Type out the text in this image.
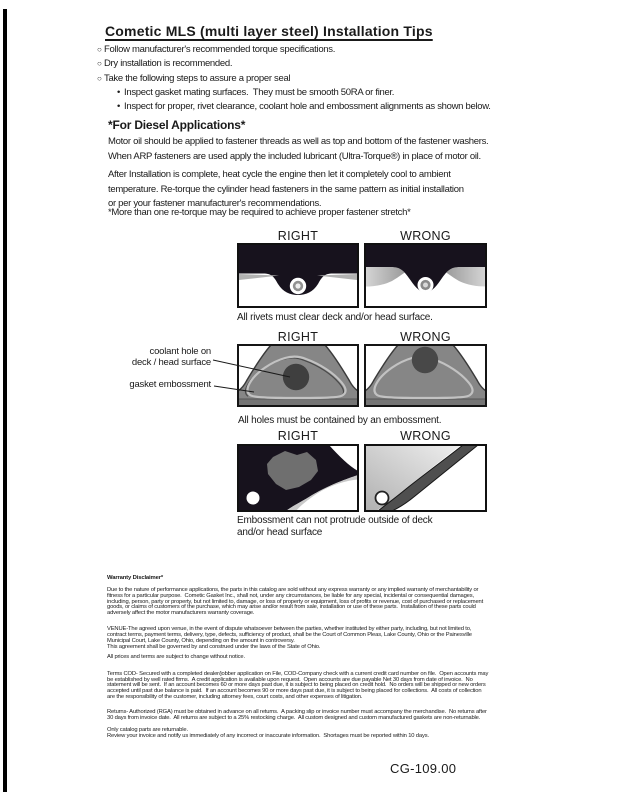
Cometic MLS (multi layer steel) Installation Tips
○ Follow manufacturer's recommended torque specifications.
○ Dry installation is recommended.
○ Take the following steps to assure a proper seal
• Inspect gasket mating surfaces.  They must be smooth 50RA or finer.
• Inspect for proper, rivet clearance, coolant hole and embossment alignments as shown below.
*For Diesel Applications*
Motor oil should be applied to fastener threads as well as top and bottom of the fastener washers.
When ARP fasteners are used apply the included lubricant (Ultra-Torque®) in place of motor oil.
After Installation is complete, heat cycle the engine then let it completely cool to ambient
temperature. Re-torque the cylinder head fasteners in the same pattern as initial installation
or per your fastener manufacturer's recommendations.
*More than one re-torque may be required to achieve proper fastener stretch*
RIGHT	WRONG
All rivets must clear deck and/or head surface.
RIGHT	WRONG
coolant hole on
deck / head surface
gasket embossment
All holes must be contained by an embossment.
RIGHT	WRONG
Embossment can not protrude outside of deck
and/or head surface
Warranty Disclaimer*
Due to the nature of performance applications, the parts in this catalog are sold without any express warranty or any implied warranty of merchantability or
fitness for a particular purpose.  Cometic Gasket Inc., shall not, under any circumstances, be liable for any special, incidental or consequential damages,
including, person, party or property, but not limited to, damage, or loss of property or equipment, loss of profits or revenue, cost of purchased or replacement
goods, or claims of customers of the purchase, which may arise and/or result from sale, installation or use of these parts.  Installation of these parts could
adversely affect the motor manufacturers warranty coverage.
VENUE-The agreed upon venue, in the event of dispute whatsoever between the parties, whether instituted by either party, including, but not limited to,
contract terms, payment terms, delivery, type, defects, sufficiency of product, shall be the Court of Common Pleas, Lake County, Ohio or the Painesville
Municipal Court, Lake County, Ohio, depending on the amount in controversy.
This agreement shall be governed by and construed under the laws of the State of Ohio.
All prices and terms are subject to change without notice.
Terms COD- Secured with a completed dealer/jobber application on File, COD-Company check with a current credit card number on file.  Open accounts may
be established by well rated firms.  A credit application is available upon request.  Open accounts are due payable Net 30 days from date of invoice.  No
statement will be sent.  If an account becomes 60 or more days past due, it is subject to being placed on credit hold.  No orders will be shipped or new orders
accepted until past due balance is paid.  If an account becomes 90 or more days past due, it is subject to being placed for collections.  All costs of collection
are the responsibility of the customer, including attorney fees, court costs, and other expenses of litigation.
Returns- Authorized (RGA) must be obtained in advance on all returns.  A packing slip or invoice number must accompany the merchandise.  No returns after
30 days from invoice date.  All returns are subject to a 25% restocking charge.  All custom designed and custom manufactured gaskets are non-returnable.
Only catalog parts are returnable.
Review your invoice and notify us immediately of any incorrect or inaccurate information.  Shortages must be reported within 10 days.
CG-109.00
